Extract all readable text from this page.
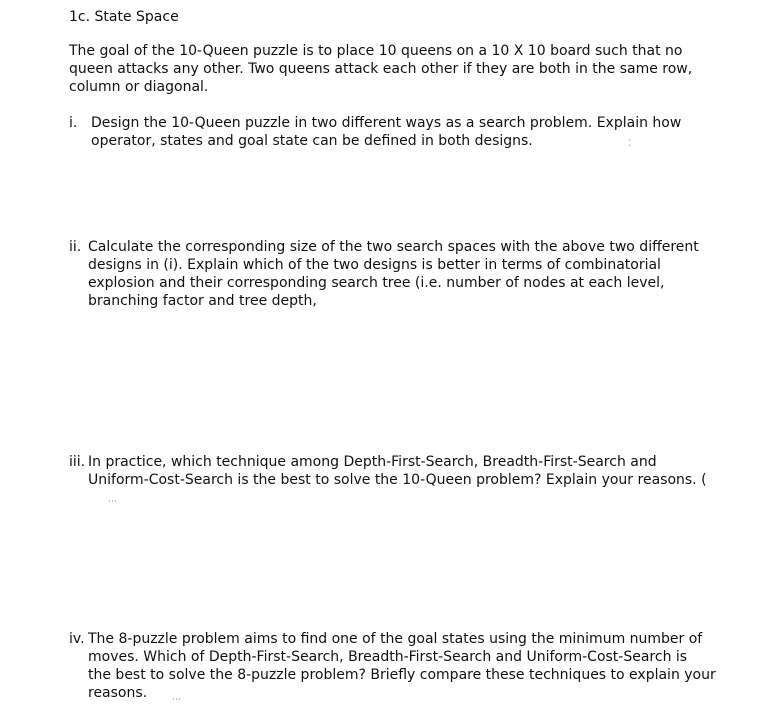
1c. State Space
The goal of the 10-Queen puzzle is to place 10 queens on a 10 X 10 board such that no
queen attacks any other. Two queens attack each other if they are both in the same row,
column or diagonal.
i. Design the 10-Queen puzzle in two different ways as a search problem. Explain how
operator, states and goal state can be defined in both designs.
ii. Calculate the corresponding size of the two search spaces with the above two different
designs in (i). Explain which of the two designs is better in terms of combinatorial
explosion and their corresponding search tree (i.e. number of nodes at each level,
branching factor and tree depth,
iii. In practice, which technique among Depth-First-Search, Breadth-First-Search and
Uniform-Cost-Search is the best to solve the 10-Queen problem? Explain your reasons. (
iv. The 8-puzzle problem aims to find one of the goal states using the minimum number of
moves. Which of Depth-First-Search, Breadth-First-Search and Uniform-Cost-Search is
the best to solve the 8-puzzle problem? Briefly compare these techniques to explain your
reasons.
⁚
⋯
⋯
